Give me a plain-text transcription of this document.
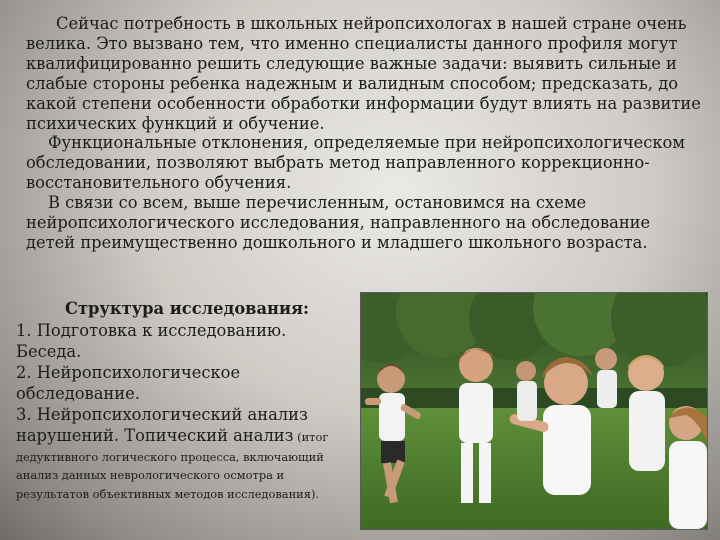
Сейчас потребность в школьных нейропсихологах в нашей стране очень велика. Это вызвано тем, что именно специалисты данного профиля могут квалифицированно решить следующие важные задачи: выявить сильные и слабые стороны ребенка надежным и валидным способом; предсказать, до какой степени особенности обработки информации будут влиять на развитие психических функций и обучение.

Функциональные отклонения, определяемые при нейропсихологическом обследовании, позволяют выбрать метод направленного коррекционно-восстановительного обучения.

В связи со всем, выше перечисленным, остановимся на схеме нейропсихологического исследования, направленного на обследование детей преимущественно дошкольного и младшего школьного возраста.

Структура исследования:

1. Подготовка к исследованию. Беседа.

2. Нейропсихологическое обследование.

3. Нейропсихологический анализ нарушений. Топический анализ (итог

дедуктивного логического процесса, включающий анализ данных неврологического осмотра и результатов объективных методов исследования).
